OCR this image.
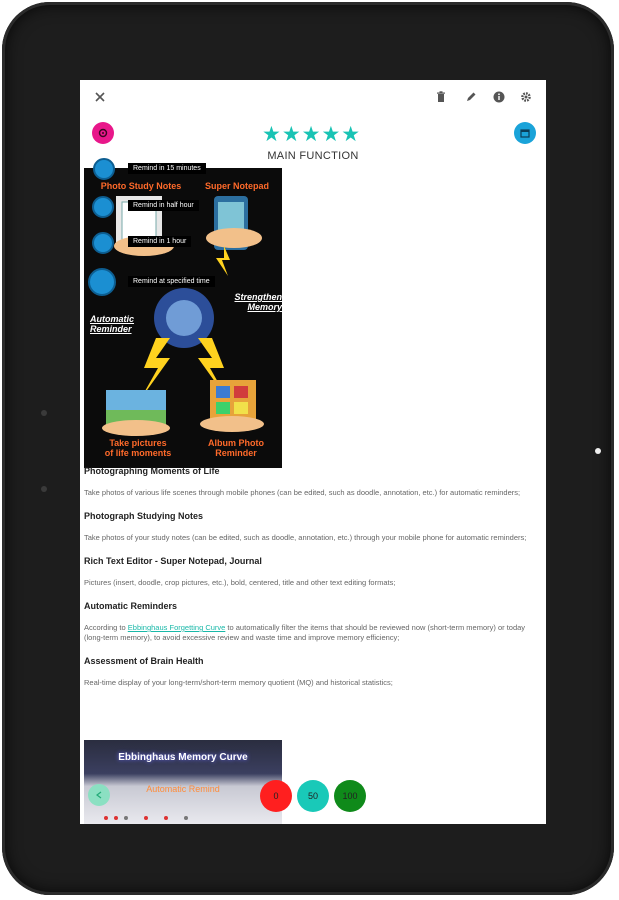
★★★★★
MAIN FUNCTION
Photo Study Notes	Super Notepad
Automatic
Reminder
Strengthen
Memory
Take pictures
of life moments
Album Photo
Reminder
Remind in 15 minutes
Remind in half hour
Remind in 1 hour
Remind at specified time
Photographing Moments of Life
Take photos of various life scenes through mobile phones (can be edited, such as doodle, annotation, etc.) for automatic reminders;
Photograph Studying Notes
Take photos of your study notes (can be edited, such as doodle, annotation, etc.) through your mobile phone for automatic reminders;
Rich Text Editor - Super Notepad, Journal
Pictures (insert, doodle, crop pictures, etc.), bold, centered, title and other text editing formats;
Automatic Reminders
According to Ebbinghaus Forgetting Curve to automatically filter the items that should be reviewed now (short-term memory) or today (long-term memory), to avoid excessive review and waste time and improve memory efficiency;
Assessment of Brain Health
Real-time display of your long-term/short-term memory quotient (MQ) and historical statistics;
Ebbinghaus Memory Curve
Automatic Remind
0	50	100
